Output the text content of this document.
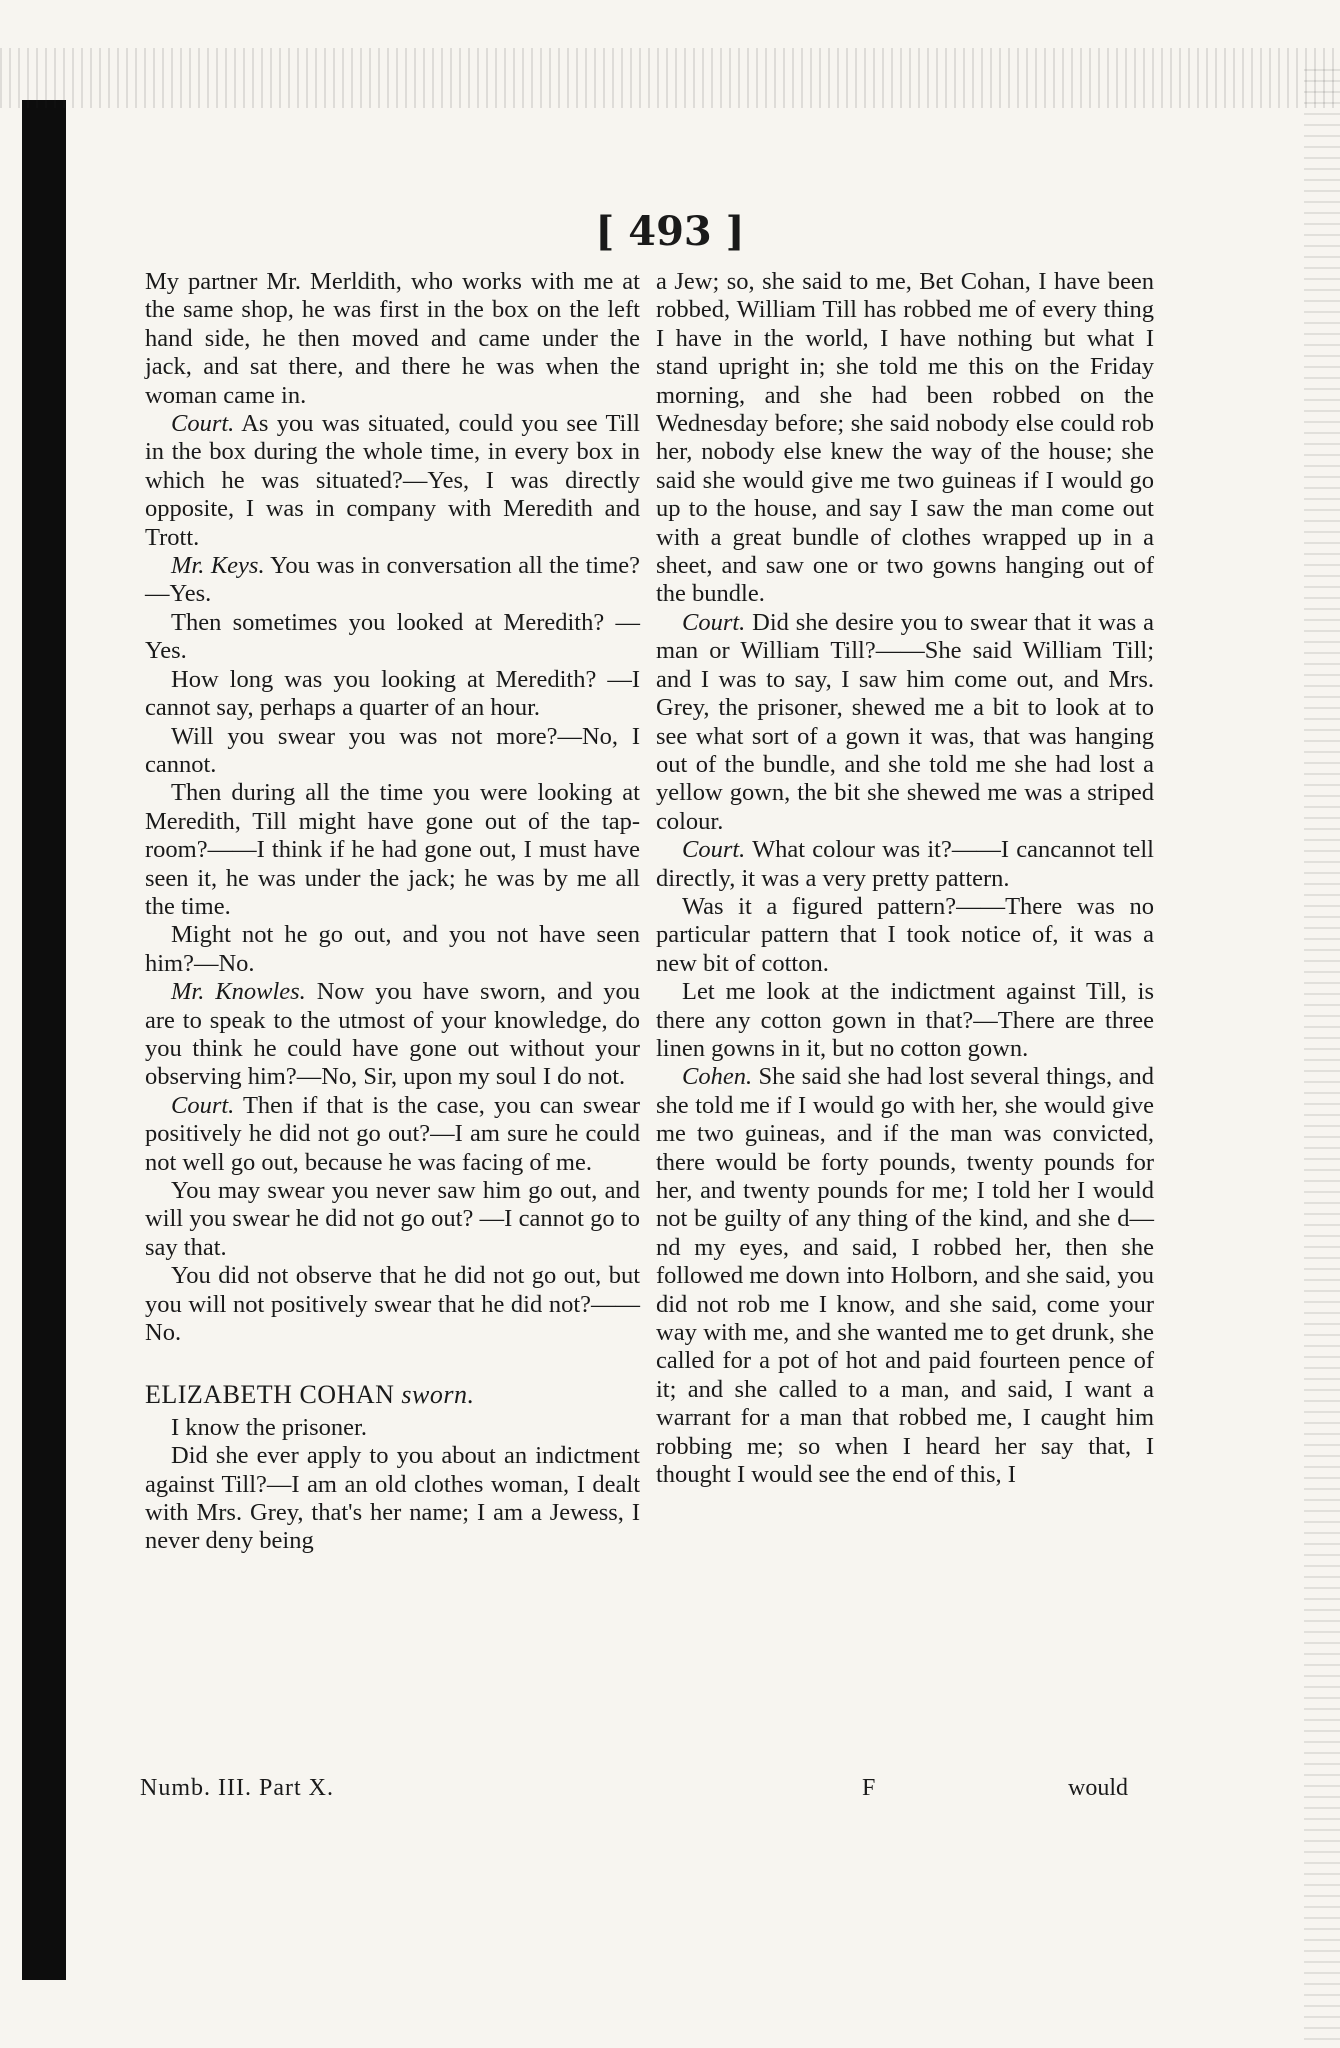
[ 493 ]

My partner Mr. Merldith, who works with me at the same shop, he was first in the box on the left hand side, he then moved and came under the jack, and sat there, and there he was when the woman came in.

Court. As you was situated, could you see Till in the box during the whole time, in every box in which he was situated?—Yes, I was directly opposite, I was in company with Meredith and Trott.

Mr. Keys. You was in conversation all the time?—Yes.

Then sometimes you looked at Meredith? —Yes.

How long was you looking at Meredith? —I cannot say, perhaps a quarter of an hour.

Will you swear you was not more?—No, I cannot.

Then during all the time you were looking at Meredith, Till might have gone out of the tap-room?——I think if he had gone out, I must have seen it, he was under the jack; he was by me all the time.

Might not he go out, and you not have seen him?—No.

Mr. Knowles. Now you have sworn, and you are to speak to the utmost of your knowledge, do you think he could have gone out without your observing him?—No, Sir, upon my soul I do not.

Court. Then if that is the case, you can swear positively he did not go out?—I am sure he could not well go out, because he was facing of me.

You may swear you never saw him go out, and will you swear he did not go out? —I cannot go to say that.

You did not observe that he did not go out, but you will not positively swear that he did not?——No.

ELIZABETH COHAN sworn.

I know the prisoner.

Did she ever apply to you about an indictment against Till?—I am an old clothes woman, I dealt with Mrs. Grey, that's her name; I am a Jewess, I never deny being

a Jew; so, she said to me, Bet Cohan, I have been robbed, William Till has robbed me of every thing I have in the world, I have nothing but what I stand upright in; she told me this on the Friday morning, and she had been robbed on the Wednesday before; she said nobody else could rob her, nobody else knew the way of the house; she said she would give me two guineas if I would go up to the house, and say I saw the man come out with a great bundle of clothes wrapped up in a sheet, and saw one or two gowns hanging out of the bundle.

Court. Did she desire you to swear that it was a man or William Till?——She said William Till; and I was to say, I saw him come out, and Mrs. Grey, the prisoner, shewed me a bit to look at to see what sort of a gown it was, that was hanging out of the bundle, and she told me she had lost a yellow gown, the bit she shewed me was a striped colour.

Court. What colour was it?——I cancannot tell directly, it was a very pretty pattern.

Was it a figured pattern?——There was no particular pattern that I took notice of, it was a new bit of cotton.

Let me look at the indictment against Till, is there any cotton gown in that?—There are three linen gowns in it, but no cotton gown.

Cohen. She said she had lost several things, and she told me if I would go with her, she would give me two guineas, and if the man was convicted, there would be forty pounds, twenty pounds for her, and twenty pounds for me; I told her I would not be guilty of any thing of the kind, and she d—nd my eyes, and said, I robbed her, then she followed me down into Holborn, and she said, you did not rob me I know, and she said, come your way with me, and she wanted me to get drunk, she called for a pot of hot and paid fourteen pence of it; and she called to a man, and said, I want a warrant for a man that robbed me, I caught him robbing me; so when I heard her say that, I thought I would see the end of this, I

Numb. III. Part X.	F	would
